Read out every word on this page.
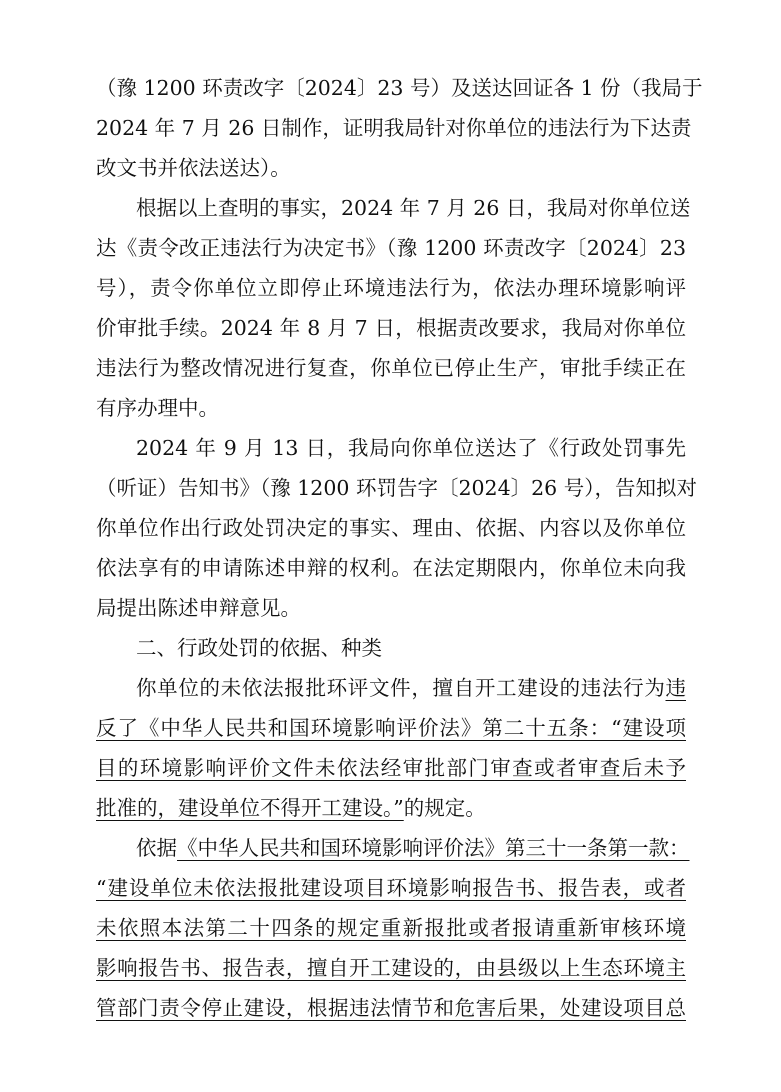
（豫 1200 环责改字〔2024〕23 号）及送达回证各 1 份（我局于
2024 年 7 月 26 日制作，证明我局针对你单位的违法行为下达责
改文书并依法送达）。
根据以上查明的事实，2024 年 7 月 26 日，我局对你单位送
达《责令改正违法行为决定书》（豫 1200 环责改字〔2024〕23
号），责令你单位立即停止环境违法行为，依法办理环境影响评
价审批手续。2024 年 8 月 7 日，根据责改要求，我局对你单位
违法行为整改情况进行复查，你单位已停止生产，审批手续正在
有序办理中。
2024 年 9 月 13 日，我局向你单位送达了《行政处罚事先
（听证）告知书》（豫 1200 环罚告字〔2024〕26 号），告知拟对
你单位作出行政处罚决定的事实、理由、依据、内容以及你单位
依法享有的申请陈述申辩的权利。在法定期限内，你单位未向我
局提出陈述申辩意见。
二、行政处罚的依据、种类
你单位的未依法报批环评文件，擅自开工建设的违法行为违
反了《中华人民共和国环境影响评价法》第二十五条：“建设项
目的环境影响评价文件未依法经审批部门审查或者审查后未予
批准的，建设单位不得开工建设。”的规定。
依据《中华人民共和国环境影响评价法》第三十一条第一款：
“建设单位未依法报批建设项目环境影响报告书、报告表，或者
未依照本法第二十四条的规定重新报批或者报请重新审核环境
影响报告书、报告表，擅自开工建设的，由县级以上生态环境主
管部门责令停止建设，根据违法情节和危害后果，处建设项目总
